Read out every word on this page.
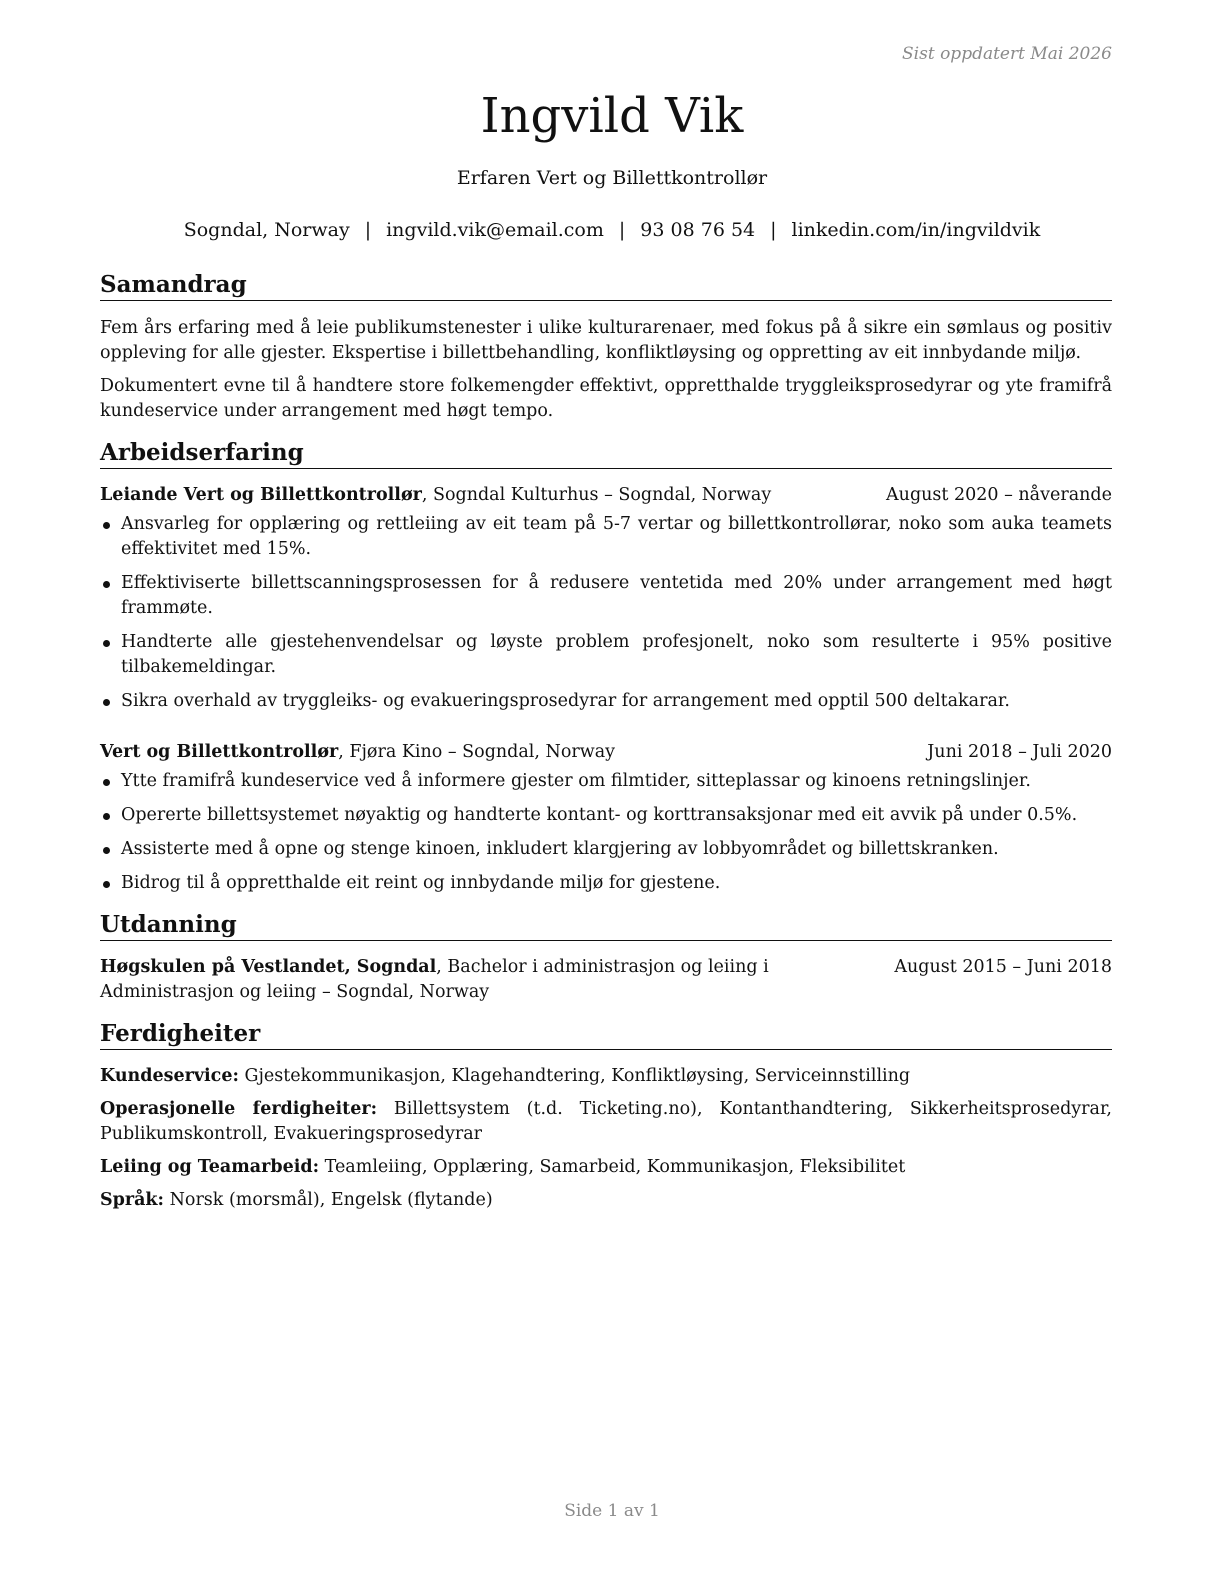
Sist oppdatert Mai 2026
Ingvild Vik
Erfaren Vert og Billettkontrollør
Sogndal, Norway | ingvild.vik@email.com | 93 08 76 54 | linkedin.com/in/ingvildvik
Samandrag

Fem års erfaring med å leie publikumstenester i ulike kulturarenaer, med fokus på å sikre ein sømlaus og positiv oppleving for alle gjester. Ekspertise i billettbehandling, konfliktløysing og oppretting av eit innbydande miljø.

Dokumentert evne til å handtere store folkemengder effektivt, oppretthalde tryggleiksprosedyrar og yte framifrå kundeservice under arrangement med høgt tempo.

Arbeidserfaring
Leiande Vert og Billettkontrollør, Sogndal Kulturhus – Sogndal, Norway	August 2020 – nåverande
Ansvarleg for opplæring og rettleiing av eit team på 5-7 vertar og billettkontrollørar, noko som auka teamets effektivitet med 15%.
Effektiviserte billettscanningsprosessen for å redusere ventetida med 20% under arrangement med høgt frammøte.
Handterte alle gjestehenvendelsar og løyste problem profesjonelt, noko som resulterte i 95% positive tilbakemeldingar.
Sikra overhald av tryggleiks- og evakueringsprosedyrar for arrangement med opptil 500 deltakarar.
Vert og Billettkontrollør, Fjøra Kino – Sogndal, Norway	Juni 2018 – Juli 2020
Ytte framifrå kundeservice ved å informere gjester om filmtider, sitteplassar og kinoens retningslinjer.
Opererte billettsystemet nøyaktig og handterte kontant- og korttransaksjonar med eit avvik på under 0.5%.
Assisterte med å opne og stenge kinoen, inkludert klargjering av lobbyområdet og billettskranken.
Bidrog til å oppretthalde eit reint og innbydande miljø for gjestene.
Utdanning
Høgskulen på Vestlandet, Sogndal, Bachelor i administrasjon og leiing i Administrasjon og leiing – Sogndal, Norway
August 2015 – Juni 2018
Ferdigheiter
Kundeservice: Gjestekommunikasjon, Klagehandtering, Konfliktløysing, Serviceinnstilling
Operasjonelle ferdigheiter: Billettsystem (t.d. Ticketing.no), Kontanthandtering, Sikkerheitsprosedyrar, Publikumskontroll, Evakueringsprosedyrar
Leiing og Teamarbeid: Teamleiing, Opplæring, Samarbeid, Kommunikasjon, Fleksibilitet
Språk: Norsk (morsmål), Engelsk (flytande)
Side 1 av 1
